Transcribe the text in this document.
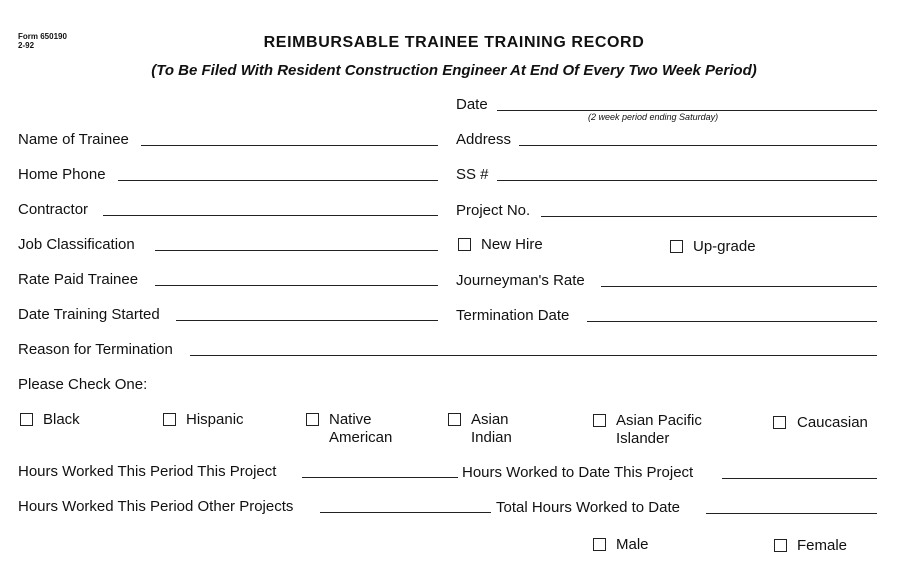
Form 650190
2-92	REIMBURSABLE TRAINEE TRAINING RECORD
(To Be Filed With Resident Construction Engineer At End Of Every Two Week Period)
Date
(2 week period ending Saturday)
Name of Trainee	Address
Home Phone	SS #
Contractor	Project No.
Job Classification	New Hire	Up-grade
Rate Paid Trainee	Journeyman's Rate
Date Training Started	Termination Date
Reason for Termination
Please Check One:
Black	Hispanic	Native
American
Asian
Indian
Asian Pacific
Islander
Caucasian
Hours Worked This Period This Project	Hours Worked to Date This Project
Hours Worked This Period Other Projects	Total Hours Worked to Date
Male	Female
